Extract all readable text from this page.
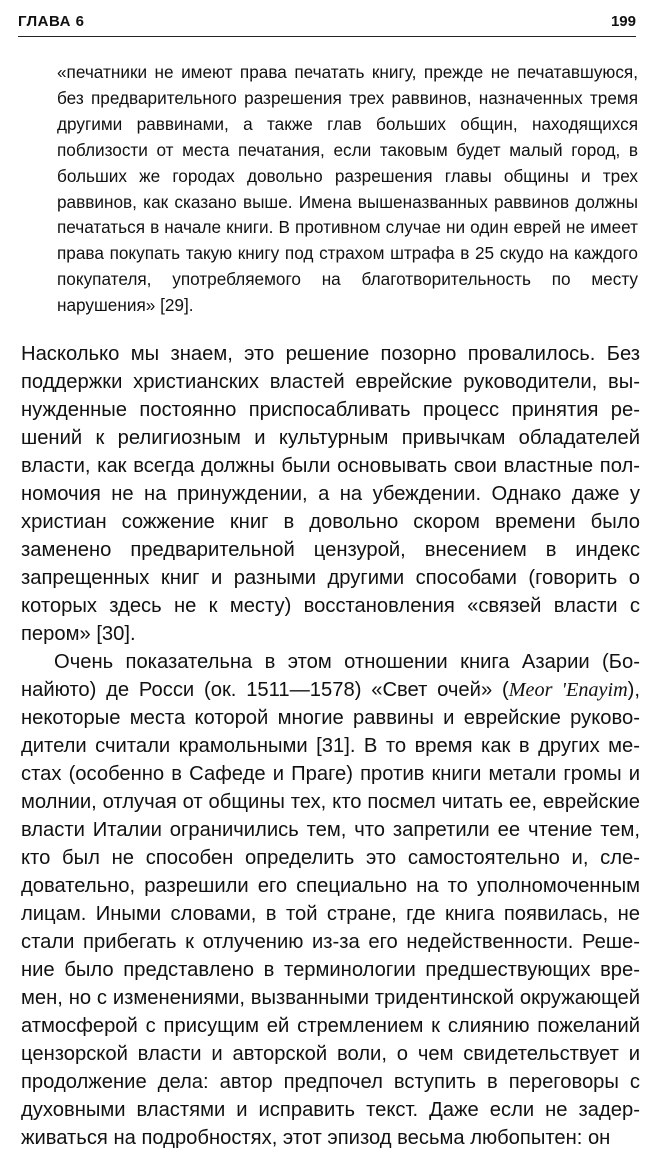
ГЛАВА 6	199

«печатники не имеют права печатать книгу, прежде не печатавшуюся, без предварительного разрешения трех раввинов, назначенных тремя другими раввинами, а также глав больших общин, находящихся поблизости от места печатания, если таковым будет малый город, в больших же городах довольно разрешения главы общины и трех раввинов, как сказано выше. Имена вышеназванных раввинов должны печататься в начале книги. В противном случае ни один еврей не имеет права покупать такую книгу под страхом штрафа в 25 скудо на каждого покупателя, употребляемого на благотворительность по месту нарушения» [29].

Насколько мы знаем, это решение позорно провалилось. Без поддержки христианских властей еврейские руководители, вынужденные постоянно приспосабливать процесс принятия решений к религиозным и культурным привычкам обладателей власти, как всегда должны были основывать свои властные полномочия не на принуждении, а на убеждении. Однако даже у христиан сожжение книг в довольно скором времени было заменено предварительной цензурой, внесением в индекс запрещенных книг и разными другими способами (говорить о которых здесь не к месту) восстановления «связей власти с пером» [30].

Очень показательна в этом отношении книга Азарии (Бонайюто) де Росси (ок. 1511—1578) «Свет очей» (Meor 'Enayim), некоторые места которой многие раввины и еврейские руководители считали крамольными [31]. В то время как в других местах (особенно в Сафеде и Праге) против книги метали громы и молнии, отлучая от общины тех, кто посмел читать ее, еврейские власти Италии ограничились тем, что запретили ее чтение тем, кто был не способен определить это самостоятельно и, следовательно, разрешили его специально на то уполномоченным лицам. Иными словами, в той стране, где книга появилась, не стали прибегать к отлучению из-за его недейственности. Решение было представлено в терминологии предшествующих времен, но с изменениями, вызванными тридентинской окружающей атмосферой с присущим ей стремлением к слиянию пожеланий цензорской власти и авторской воли, о чем свидетельствует и продолжение дела: автор предпочел вступить в переговоры с духовными властями и исправить текст. Даже если не задерживаться на подробностях, этот эпизод весьма любопытен: он
